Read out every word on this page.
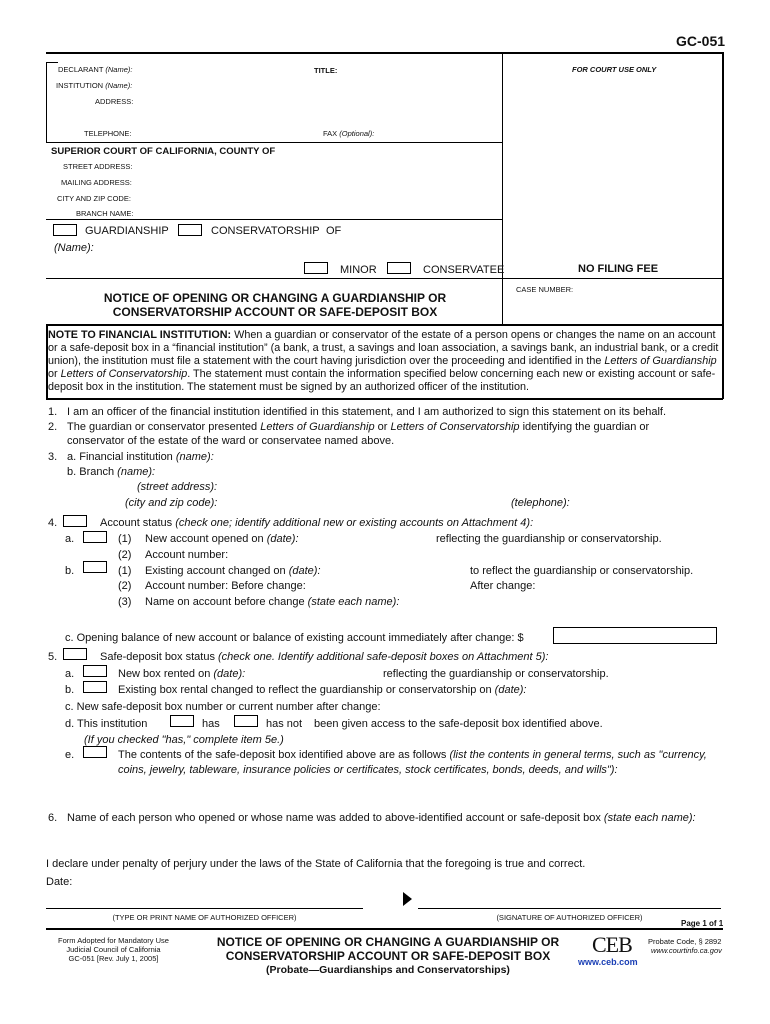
GC-051
DECLARANT (Name):	TITLE:	FOR COURT USE ONLY
INSTITUTION (Name):
ADDRESS:
TELEPHONE:	FAX (Optional):
SUPERIOR COURT OF CALIFORNIA, COUNTY OF
STREET ADDRESS:
MAILING ADDRESS:
CITY AND ZIP CODE:
BRANCH NAME:
GUARDIANSHIP	CONSERVATORSHIP OF
(Name):
MINOR	CONSERVATEE	NO FILING FEE
CASE NUMBER:
NOTICE OF OPENING OR CHANGING A GUARDIANSHIP OR
CONSERVATORSHIP ACCOUNT OR SAFE-DEPOSIT BOX

NOTE TO FINANCIAL INSTITUTION: When a guardian or conservator of the estate of a person opens or changes the name on an account or a safe-deposit box in a “financial institution” (a bank, a trust, a savings and loan association, a savings bank, an industrial bank, or a credit union), the institution must file a statement with the court having jurisdiction over the proceeding and identified in the Letters of Guardianship or Letters of Conservatorship. The statement must contain the information specified below concerning each new or existing account or safe-deposit box in the institution. The statement must be signed by an authorized officer of the institution.

1. I am an officer of the financial institution identified in this statement, and I am authorized to sign this statement on its behalf.
2. The guardian or conservator presented Letters of Guardianship or Letters of Conservatorship identifying the guardian or
conservator of the estate of the ward or conservatee named above.
3. a. Financial institution (name):
b. Branch (name):
(street address):
(city and zip code):	(telephone):
4.	Account status (check one; identify additional new or existing accounts on Attachment 4):
a.	(1) New account opened on (date):	reflecting the guardianship or conservatorship.
(2) Account number:
b.	(1) Existing account changed on (date):	to reflect the guardianship or conservatorship.
(2) Account number: Before change:	After change:
(3) Name on account before change (state each name):
c. Opening balance of new account or balance of existing account immediately after change: $
5.	Safe-deposit box status (check one. Identify additional safe-deposit boxes on Attachment 5):
a.	New box rented on (date):	reflecting the guardianship or conservatorship.
b.	Existing box rental changed to reflect the guardianship or conservatorship on (date):
c. New safe-deposit box number or current number after change:
d. This institution	has	has not been given access to the safe-deposit box identified above.
(If you checked "has," complete item 5e.)
e.	The contents of the safe-deposit box identified above are as follows (list the contents in general terms, such as "currency,
coins, jewelry, tableware, insurance policies or certificates, stock certificates, bonds, deeds, and wills"):
6. Name of each person who opened or whose name was added to above-identified account or safe-deposit box (state each name):
I declare under penalty of perjury under the laws of the State of California that the foregoing is true and correct.
Date:
(TYPE OR PRINT NAME OF AUTHORIZED OFFICER)	(SIGNATURE OF AUTHORIZED OFFICER)
Page 1 of 1
Form Adopted for Mandatory Use
Judicial Council of California
GC-051 [Rev. July 1, 2005]
NOTICE OF OPENING OR CHANGING A GUARDIANSHIP OR
CONSERVATORSHIP ACCOUNT OR SAFE-DEPOSIT BOX
(Probate—Guardianships and Conservatorships)
CEB
www.ceb.com
Probate Code, § 2892
www.courtinfo.ca.gov
